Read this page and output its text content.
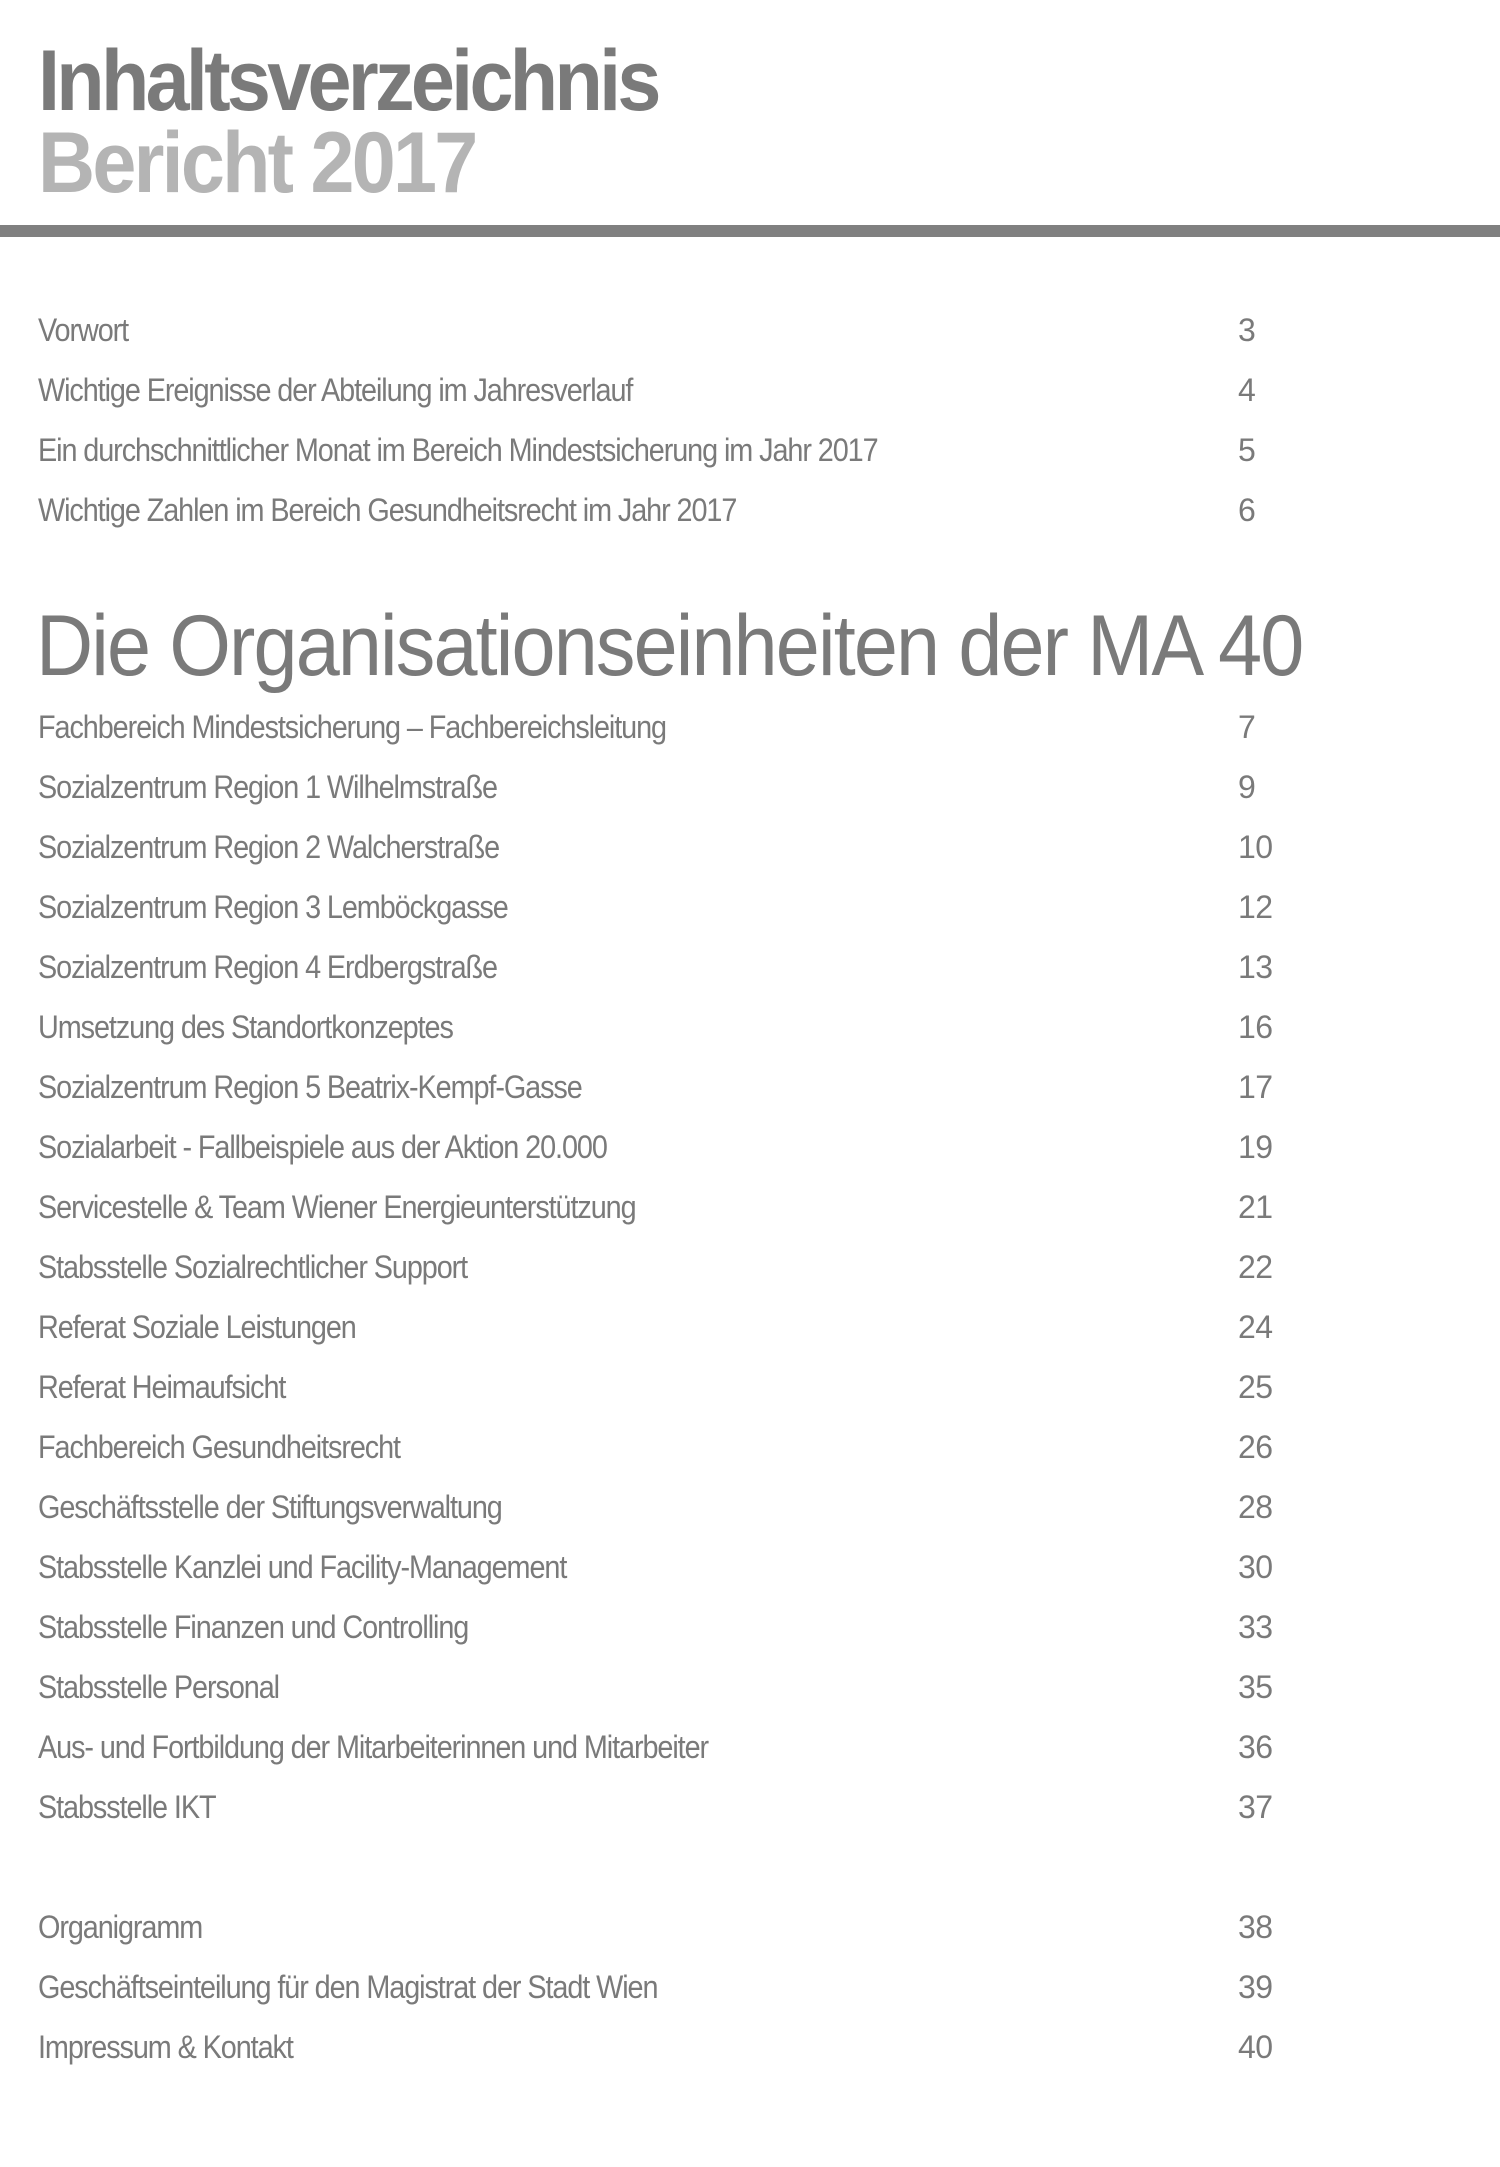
Inhaltsverzeichnis
Bericht 2017
Vorwort	3
Wichtige Ereignisse der Abteilung im Jahresverlauf	4
Ein durchschnittlicher Monat im Bereich Mindestsicherung im Jahr 2017	5
Wichtige Zahlen im Bereich Gesundheitsrecht im Jahr 2017	6
Die Organisationseinheiten der MA 40
Fachbereich Mindestsicherung – Fachbereichsleitung	7
Sozialzentrum Region 1 Wilhelmstraße	9
Sozialzentrum Region 2 Walcherstraße	10
Sozialzentrum Region 3 Lemböckgasse	12
Sozialzentrum Region 4 Erdbergstraße	13
Umsetzung des Standortkonzeptes	16
Sozialzentrum Region 5 Beatrix-Kempf-Gasse	17
Sozialarbeit - Fallbeispiele aus der Aktion 20.000	19
Servicestelle & Team Wiener Energieunterstützung	21
Stabsstelle Sozialrechtlicher Support	22
Referat Soziale Leistungen	24
Referat Heimaufsicht	25
Fachbereich Gesundheitsrecht	26
Geschäftsstelle der Stiftungsverwaltung	28
Stabsstelle Kanzlei und Facility-Management	30
Stabsstelle Finanzen und Controlling	33
Stabsstelle Personal	35
Aus- und Fortbildung der Mitarbeiterinnen und Mitarbeiter	36
Stabsstelle IKT	37
Organigramm	38
Geschäftseinteilung für den Magistrat der Stadt Wien	39
Impressum & Kontakt	40
